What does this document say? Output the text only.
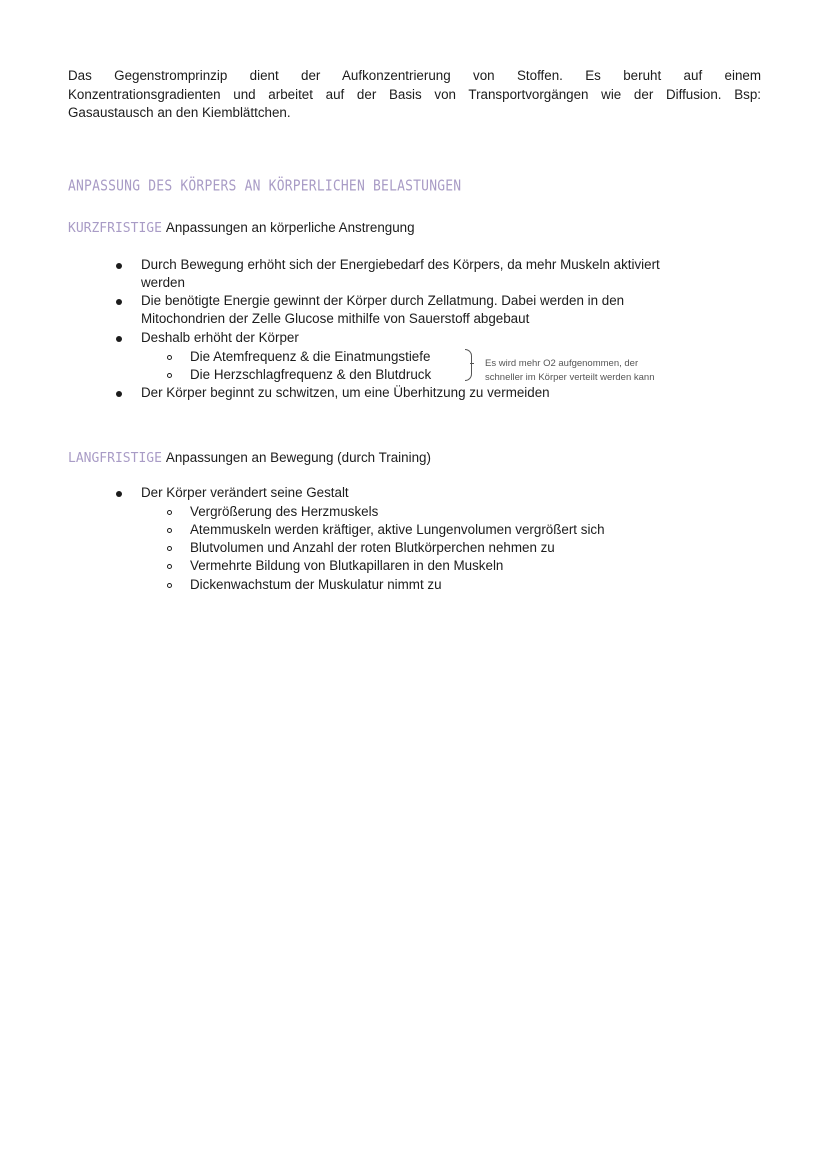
Das Gegenstromprinzip dient der Aufkonzentrierung von Stoffen. Es beruht auf einem
Konzentrationsgradienten und arbeitet auf der Basis von Transportvorgängen wie der Diffusion. Bsp:
Gasaustausch an den Kiemblättchen.
ANPASSUNG DES KÖRPERS AN KÖRPERLICHEN BELASTUNGEN
KURZFRISTIGE Anpassungen an körperliche Anstrengung
Durch Bewegung erhöht sich der Energiebedarf des Körpers, da mehr Muskeln aktiviert
werden
Die benötigte Energie gewinnt der Körper durch Zellatmung. Dabei werden in den
Mitochondrien der Zelle Glucose mithilfe von Sauerstoff abgebaut
Deshalb erhöht der Körper
Die Atemfrequenz & die Einatmungstiefe
Die Herzschlagfrequenz & den Blutdruck
Der Körper beginnt zu schwitzen, um eine Überhitzung zu vermeiden
Es wird mehr O2 aufgenommen, der
schneller im Körper verteilt werden kann
LANGFRISTIGE Anpassungen an Bewegung (durch Training)
Der Körper verändert seine Gestalt
Vergrößerung des Herzmuskels
Atemmuskeln werden kräftiger, aktive Lungenvolumen vergrößert sich
Blutvolumen und Anzahl der roten Blutkörperchen nehmen zu
Vermehrte Bildung von Blutkapillaren in den Muskeln
Dickenwachstum der Muskulatur nimmt zu
